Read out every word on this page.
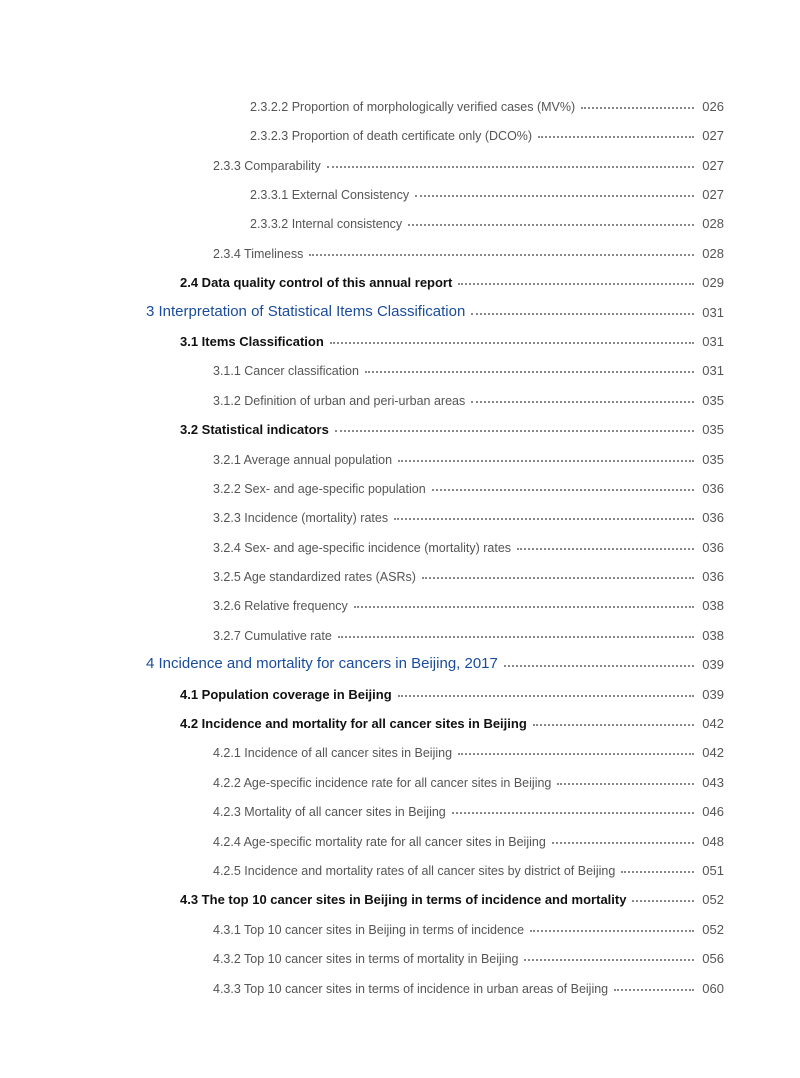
2.3.2.2 Proportion of morphologically verified cases (MV%)	026
2.3.2.3 Proportion of death certificate only (DCO%)	027
2.3.3 Comparability	027
2.3.3.1 External Consistency	027
2.3.3.2 Internal consistency	028
2.3.4 Timeliness	028
2.4 Data quality control of this annual report	029
3 Interpretation of Statistical Items Classification	031
3.1 Items Classification	031
3.1.1 Cancer classification	031
3.1.2 Definition of urban and peri-urban areas	035
3.2 Statistical indicators	035
3.2.1 Average annual population	035
3.2.2 Sex- and age-specific population	036
3.2.3 Incidence (mortality) rates	036
3.2.4 Sex- and age-specific incidence (mortality) rates	036
3.2.5 Age standardized rates (ASRs)	036
3.2.6 Relative frequency	038
3.2.7 Cumulative rate	038
4 Incidence and mortality for cancers in Beijing, 2017	039
4.1 Population coverage in Beijing	039
4.2 Incidence and mortality for all cancer sites in Beijing	042
4.2.1 Incidence of all cancer sites in Beijing	042
4.2.2 Age-specific incidence rate for all cancer sites in Beijing	043
4.2.3 Mortality of all cancer sites in Beijing	046
4.2.4 Age-specific mortality rate for all cancer sites in Beijing	048
4.2.5 Incidence and mortality rates of all cancer sites by district of Beijing	051
4.3 The top 10 cancer sites in Beijing in terms of incidence and mortality	052
4.3.1 Top 10 cancer sites in Beijing in terms of incidence	052
4.3.2 Top 10 cancer sites in terms of mortality in Beijing	056
4.3.3 Top 10 cancer sites in terms of incidence in urban areas of Beijing	060
